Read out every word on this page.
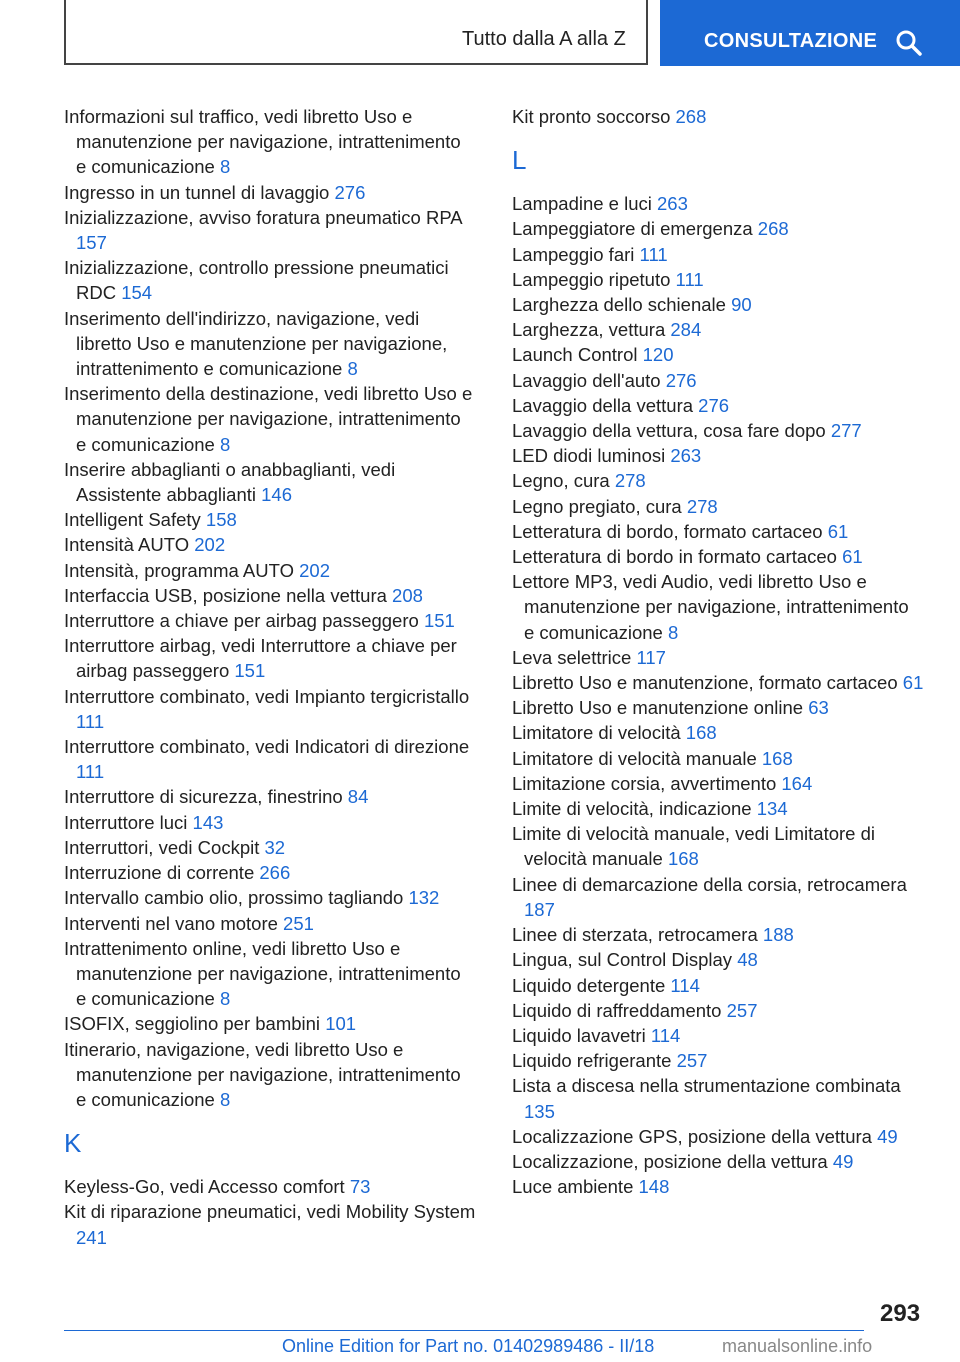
Tutto dalla A alla Z	CONSULTAZIONE
Informazioni sul traffico, vedi libretto Uso e manutenzione per navigazione, intrattenimento e comunicazione 8
Ingresso in un tunnel di lavaggio 276
Inizializzazione, avviso foratura pneumatico RPA 157
Inizializzazione, controllo pressione pneumatici RDC 154
Inserimento dell'indirizzo, navigazione, vedi libretto Uso e manutenzione per navigazione, intrattenimento e comunicazione 8
Inserimento della destinazione, vedi libretto Uso e manutenzione per navigazione, intrattenimento e comunicazione 8
Inserire abbaglianti o anabbaglianti, vedi Assistente abbaglianti 146
Intelligent Safety 158
Intensità AUTO 202
Intensità, programma AUTO 202
Interfaccia USB, posizione nella vettura 208
Interruttore a chiave per airbag passeggero 151
Interruttore airbag, vedi Interruttore a chiave per airbag passeggero 151
Interruttore combinato, vedi Impianto tergicristallo 111
Interruttore combinato, vedi Indicatori di direzione 111
Interruttore di sicurezza, finestrino 84
Interruttore luci 143
Interruttori, vedi Cockpit 32
Interruzione di corrente 266
Intervallo cambio olio, prossimo tagliando 132
Interventi nel vano motore 251
Intrattenimento online, vedi libretto Uso e manutenzione per navigazione, intrattenimento e comunicazione 8
ISOFIX, seggiolino per bambini 101
Itinerario, navigazione, vedi libretto Uso e manutenzione per navigazione, intrattenimento e comunicazione 8
K
Keyless-Go, vedi Accesso comfort 73
Kit di riparazione pneumatici, vedi Mobility System 241
Kit pronto soccorso 268
L
Lampadine e luci 263
Lampeggiatore di emergenza 268
Lampeggio fari 111
Lampeggio ripetuto 111
Larghezza dello schienale 90
Larghezza, vettura 284
Launch Control 120
Lavaggio dell'auto 276
Lavaggio della vettura 276
Lavaggio della vettura, cosa fare dopo 277
LED diodi luminosi 263
Legno, cura 278
Legno pregiato, cura 278
Letteratura di bordo, formato cartaceo 61
Letteratura di bordo in formato cartaceo 61
Lettore MP3, vedi Audio, vedi libretto Uso e manutenzione per navigazione, intrattenimento e comunicazione 8
Leva selettrice 117
Libretto Uso e manutenzione, formato cartaceo 61
Libretto Uso e manutenzione online 63
Limitatore di velocità 168
Limitatore di velocità manuale 168
Limitazione corsia, avvertimento 164
Limite di velocità, indicazione 134
Limite di velocità manuale, vedi Limitatore di velocità manuale 168
Linee di demarcazione della corsia, retrocamera 187
Linee di sterzata, retrocamera 188
Lingua, sul Control Display 48
Liquido detergente 114
Liquido di raffreddamento 257
Liquido lavavetri 114
Liquido refrigerante 257
Lista a discesa nella strumentazione combinata 135
Localizzazione GPS, posizione della vettura 49
Localizzazione, posizione della vettura 49
Luce ambiente 148
293
Online Edition for Part no. 01402989486 - II/18	manualsonline.info
